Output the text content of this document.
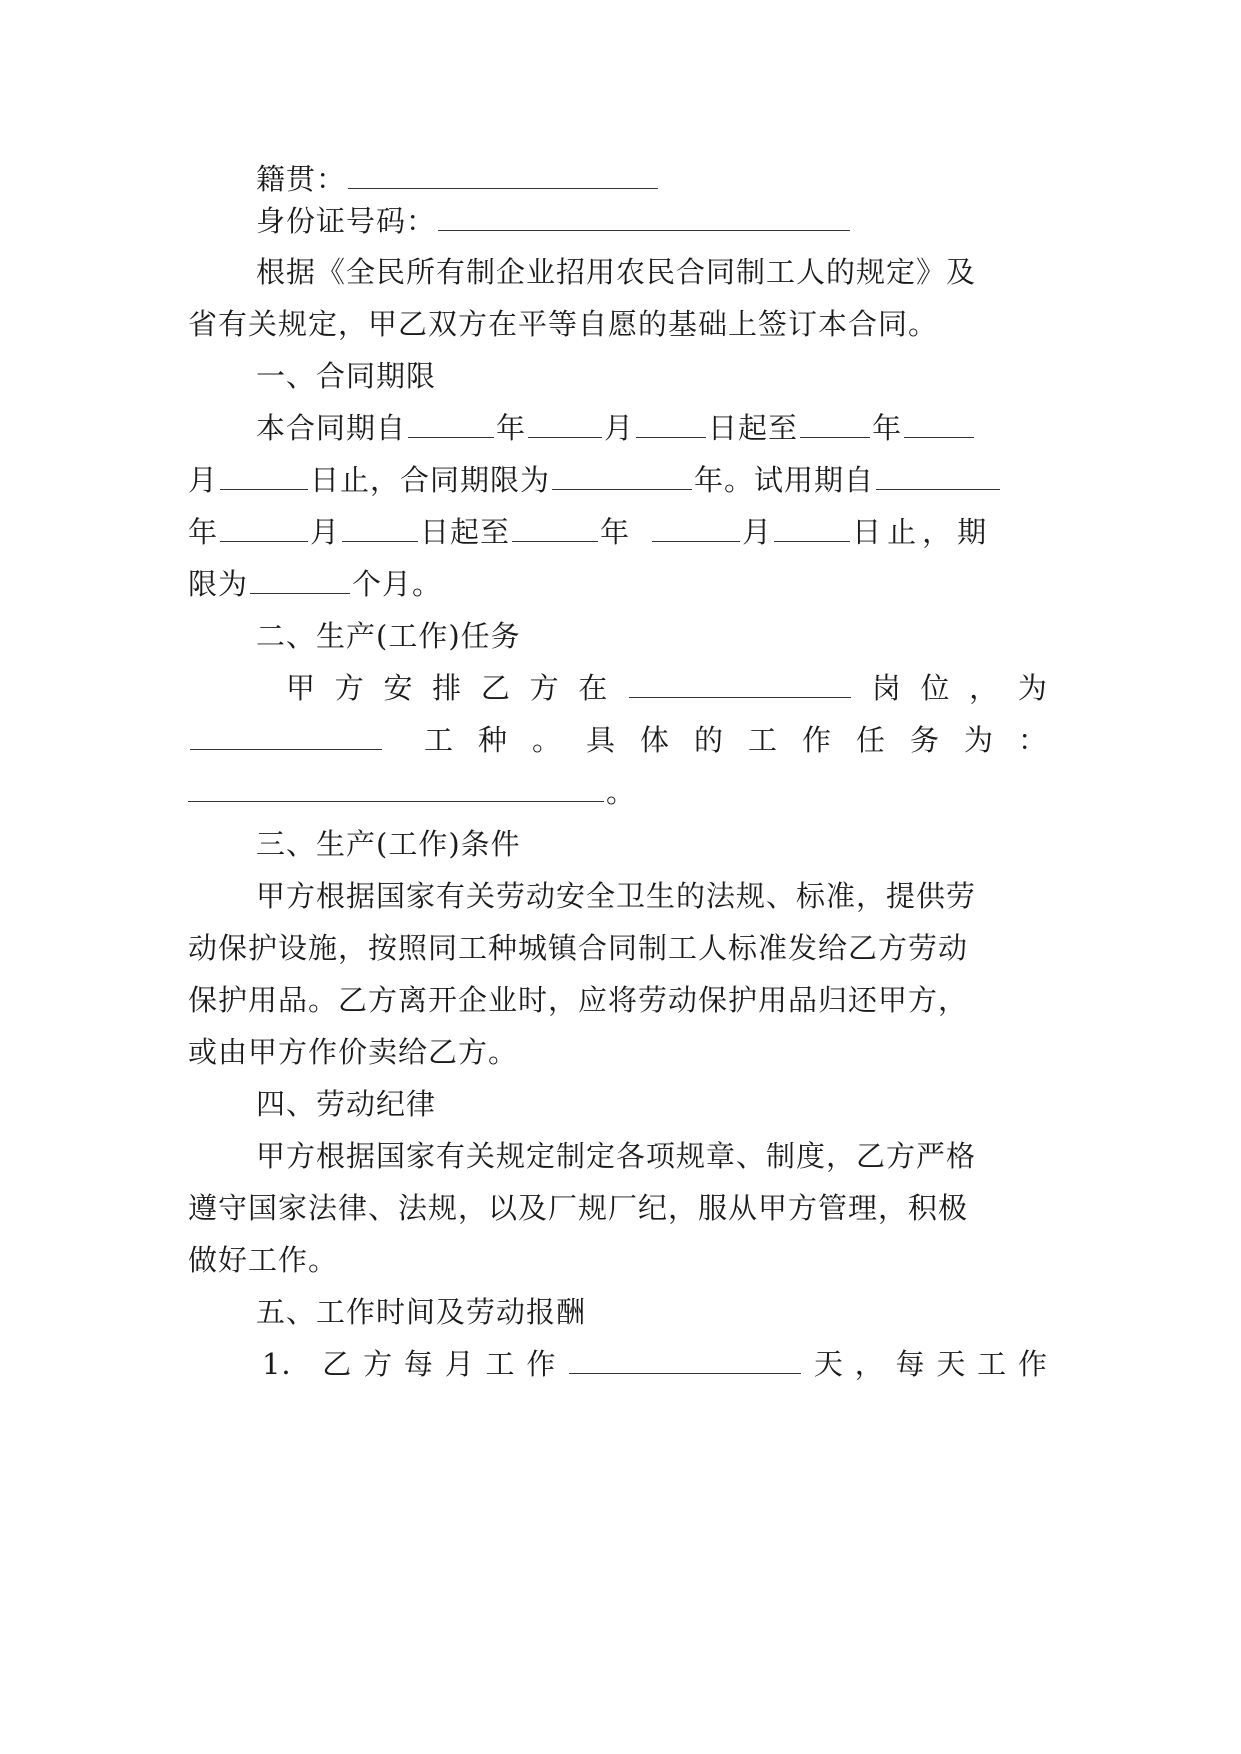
籍贯：
身份证号码：
根据《全民所有制企业招用农民合同制工人的规定》及
省有关规定，甲乙双方在平等自愿的基础上签订本合同。
一、合同期限
本合同期自	年	月	日起至	年
月	日止，合同期限为	年。试用期自
年	月	日起至	年	月	日止，期
限为	个月。
二、生产(工作)任务
甲 方 安 排 乙 方 在	岗 位 ， 为
工 种 。 具 体 的 工 作 任 务 为 ：
。
三、生产(工作)条件
甲方根据国家有关劳动安全卫生的法规、标准，提供劳
动保护设施，按照同工种城镇合同制工人标准发给乙方劳动
保护用品。乙方离开企业时，应将劳动保护用品归还甲方，
或由甲方作价卖给乙方。
四、劳动纪律
甲方根据国家有关规定制定各项规章、制度，乙方严格
遵守国家法律、法规，以及厂规厂纪，服从甲方管理，积极
做好工作。
五、工作时间及劳动报酬
1． 乙 方 每 月 工 作	天 ， 每 天 工 作
